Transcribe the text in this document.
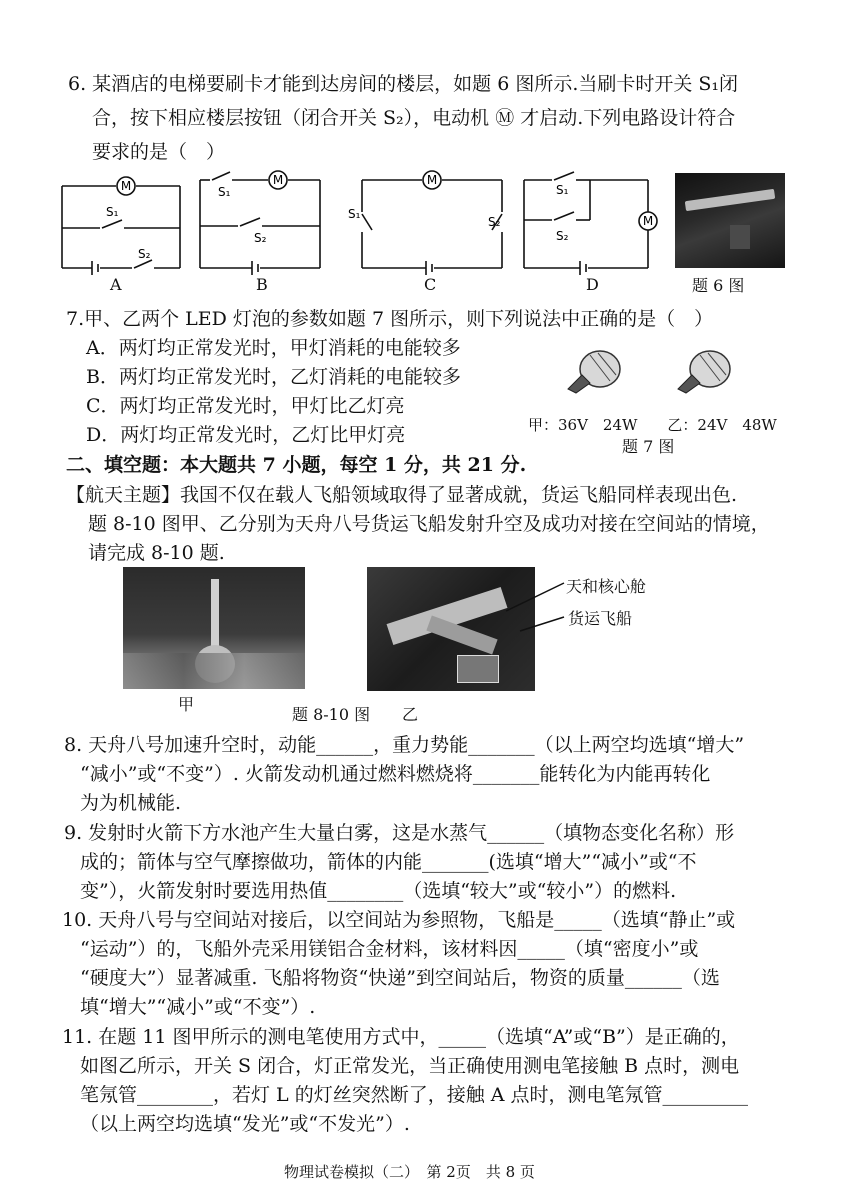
6. 某酒店的电梯要刷卡才能到达房间的楼层，如题 6 图所示.当刷卡时开关 S₁闭
合，按下相应楼层按钮（闭合开关 S₂），电动机 Ⓜ 才启动.下列电路设计符合
要求的是（　）
M
S₁
S₂
A
M
S₁
S₂
B
M
S₁
S₂
C
M
S₁
S₂
D	题 6 图
7.甲、乙两个 LED 灯泡的参数如题 7 图所示，则下列说法中正确的是（　）
A．两灯均正常发光时，甲灯消耗的电能较多
B．两灯均正常发光时，乙灯消耗的电能较多
C．两灯均正常发光时，甲灯比乙灯亮
D．两灯均正常发光时，乙灯比甲灯亮	甲：36V　24W　　乙：24V　48W
题 7 图
二、填空题：本大题共 7 小题，每空 1 分，共 21 分.
【航天主题】我国不仅在载人飞船领域取得了显著成就，货运飞船同样表现出色.
题 8-10 图甲、乙分别为天舟八号货运飞船发射升空及成功对接在空间站的情境，
请完成 8-10 题.
甲
题 8-10 图 乙
天和核心舱
货运飞船
8. 天舟八号加速升空时，动能______，重力势能_______（以上两空均选填“增大”
“减小”或“不变”）. 火箭发动机通过燃料燃烧将_______能转化为内能再转化
为为机械能.
9. 发射时火箭下方水池产生大量白雾，这是水蒸气______（填物态变化名称）形
成的；箭体与空气摩擦做功，箭体的内能_______(选填“增大”“减小”或“不
变”），火箭发射时要选用热值________（选填“较大”或“较小”）的燃料.
10. 天舟八号与空间站对接后，以空间站为参照物，飞船是_____（选填“静止”或
“运动”）的，飞船外壳采用镁铝合金材料，该材料因_____（填“密度小”或
“硬度大”）显著减重. 飞船将物资“快递”到空间站后，物资的质量______（选
填“增大”“减小”或“不变”）.
11. 在题 11 图甲所示的测电笔使用方式中，_____（选填“A”或“B”）是正确的，
如图乙所示，开关 S 闭合，灯正常发光，当正确使用测电笔接触 B 点时，测电
笔氖管________，若灯 L 的灯丝突然断了，接触 A 点时，测电笔氖管_________
（以上两空均选填“发光”或“不发光”）.
物理试卷模拟（二）　第 2页　共 8 页
